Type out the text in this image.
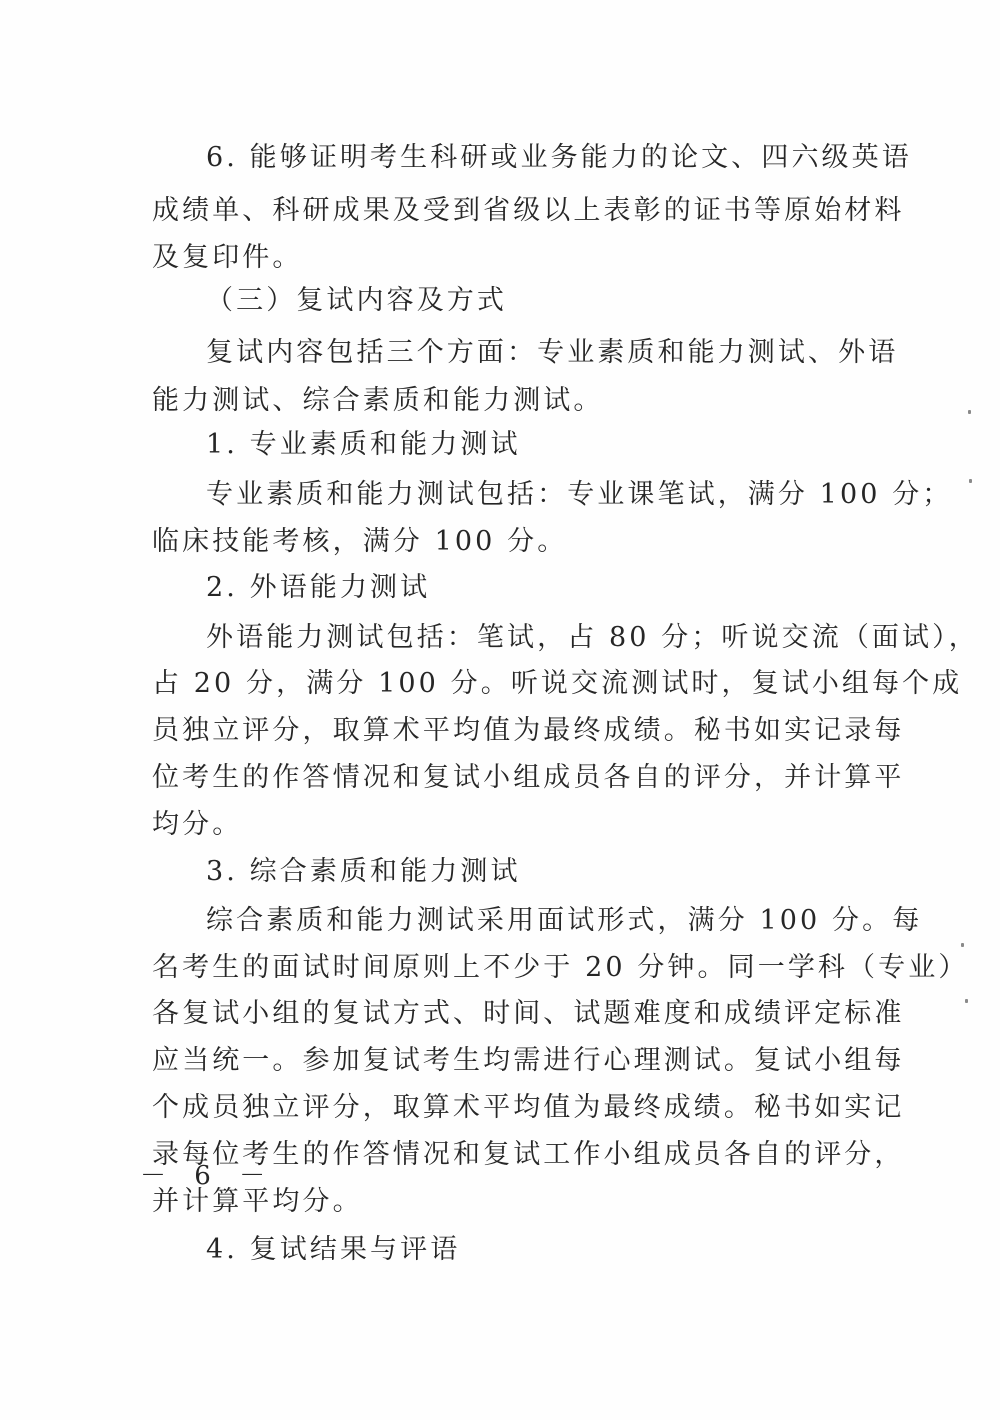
6. 能够证明考生科研或业务能力的论文、四六级英语
成绩单、科研成果及受到省级以上表彰的证书等原始材料
及复印件。
（三）复试内容及方式
复试内容包括三个方面：专业素质和能力测试、外语
能力测试、综合素质和能力测试。
1. 专业素质和能力测试
专业素质和能力测试包括：专业课笔试，满分 100 分；
临床技能考核，满分 100 分。
2. 外语能力测试
外语能力测试包括：笔试，占 80 分；听说交流（面试），
占 20 分，满分 100 分。听说交流测试时，复试小组每个成
员独立评分，取算术平均值为最终成绩。秘书如实记录每
位考生的作答情况和复试小组成员各自的评分，并计算平
均分。
3. 综合素质和能力测试
综合素质和能力测试采用面试形式，满分 100 分。每
名考生的面试时间原则上不少于 20 分钟。同一学科（专业）
各复试小组的复试方式、时间、试题难度和成绩评定标准
应当统一。参加复试考生均需进行心理测试。复试小组每
个成员独立评分，取算术平均值为最终成绩。秘书如实记
录每位考生的作答情况和复试工作小组成员各自的评分，
并计算平均分。
4. 复试结果与评语
－ 6 －
